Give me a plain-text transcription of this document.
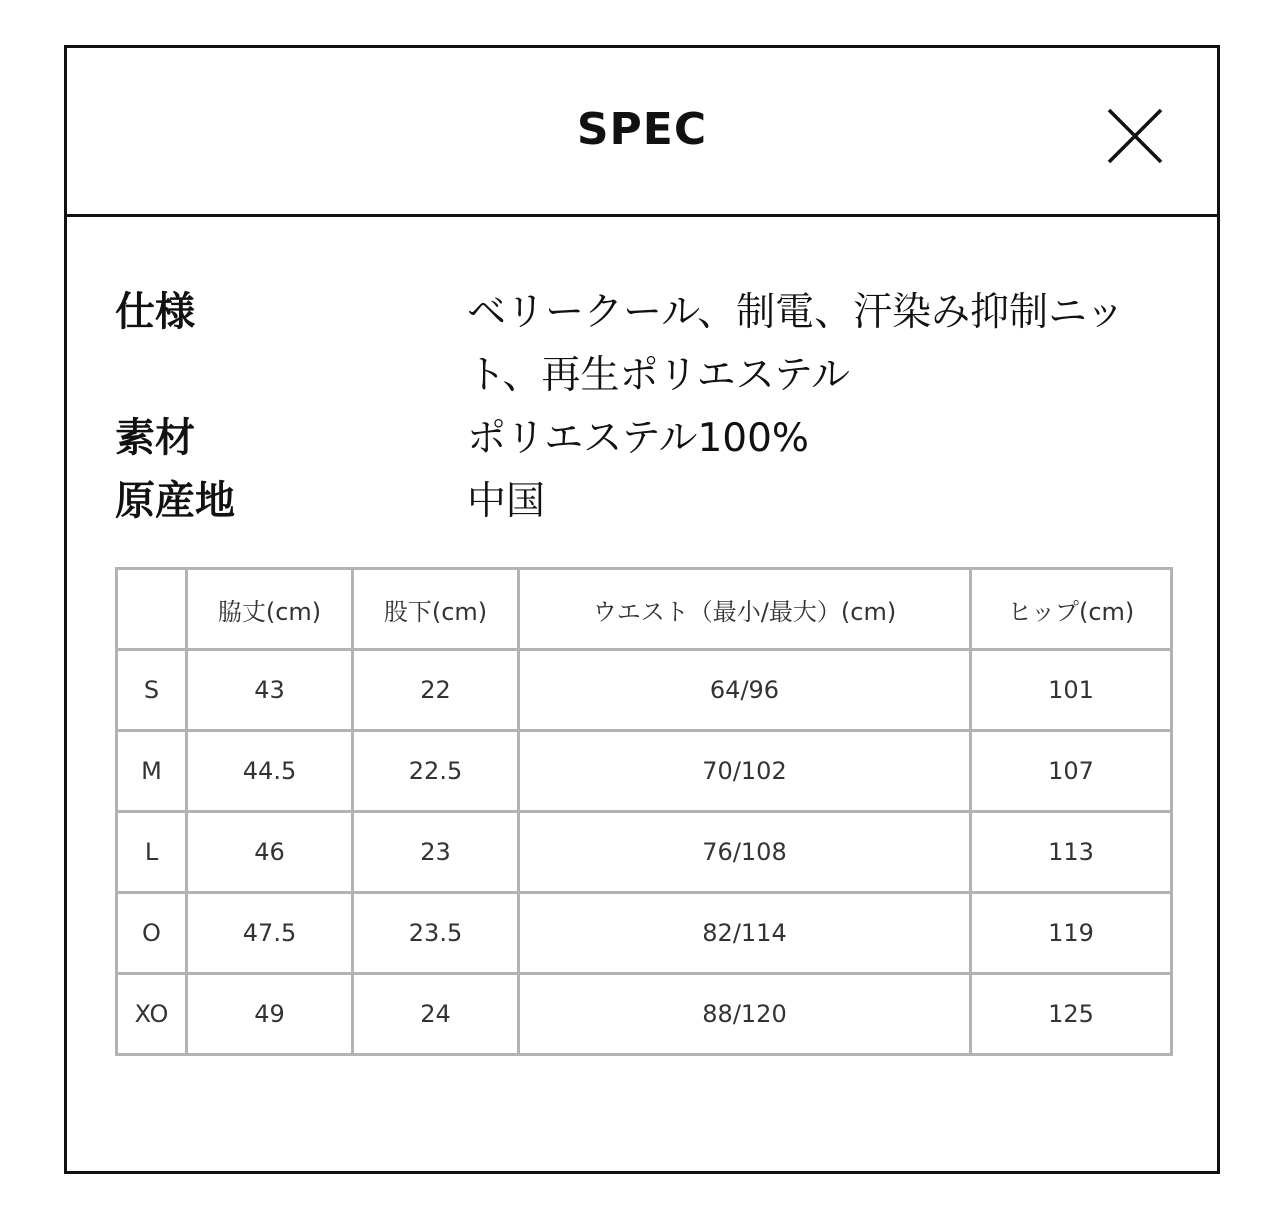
SPEC
仕様	ベリークール、制電、汗染み抑制ニット、再生ポリエステル
素材	ポリエステル100%
原産地	中国
	脇丈(cm)	股下(cm)	ウエスト（最小/最大）(cm)	ヒップ(cm)
S	43	22	64/96	101
M	44.5	22.5	70/102	107
L	46	23	76/108	113
O	47.5	23.5	82/114	119
XO	49	24	88/120	125
